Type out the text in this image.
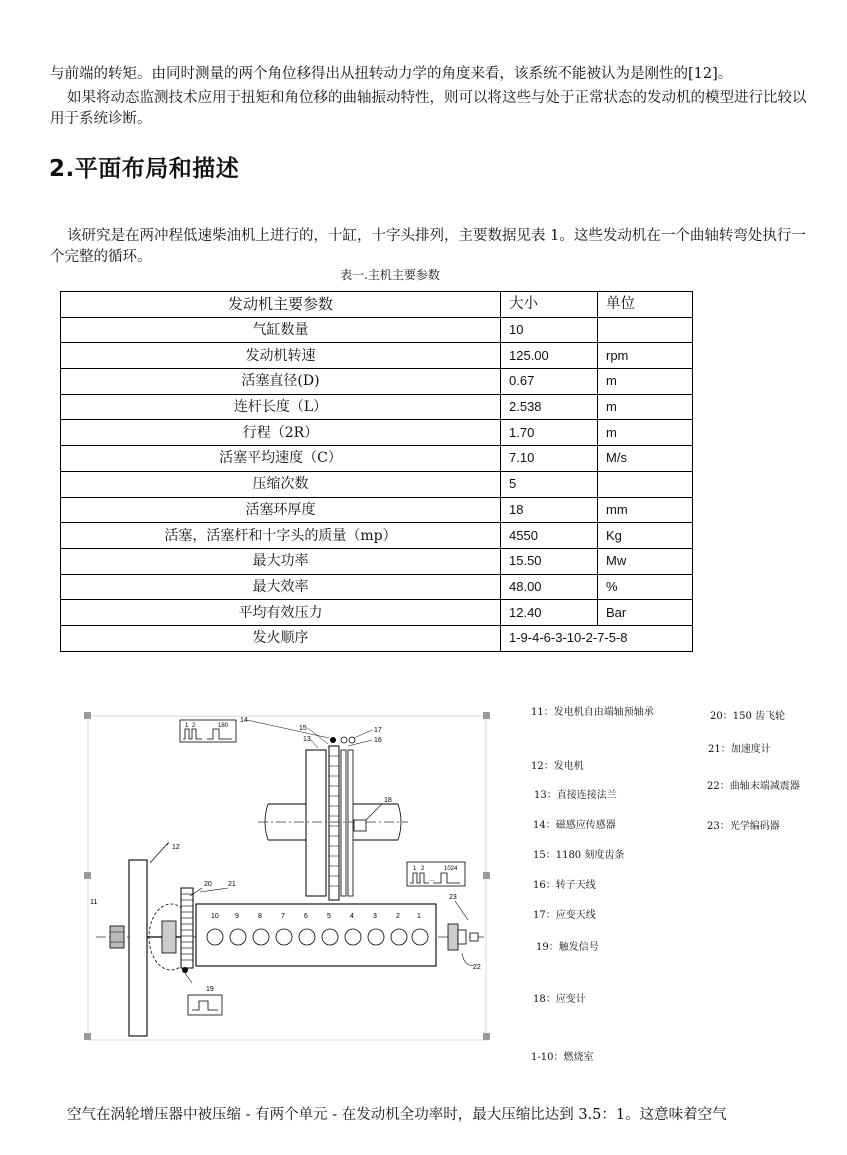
与前端的转矩。由同时测量的两个角位移得出从扭转动力学的角度来看，该系统不能被认为是刚性的[12]。

如果将动态监测技术应用于扭矩和角位移的曲轴振动特性，则可以将这些与处于正常状态的发动机的模型进行比较以用于系统诊断。

2.平面布局和描述

该研究是在两冲程低速柴油机上进行的，十缸，十字头排列，主要数据见表 1。这些发动机在一个曲轴转弯处执行一个完整的循环。

表一.主机主要参数
发动机主要参数	大小	单位
气缸数量	10	
发动机转速	125.00	rpm
活塞直径(D)	0.67	m
连杆长度（L）	2.538	m
行程（2R）	1.70	m
活塞平均速度（C）	7.10	M/s
压缩次数	5	
活塞环厚度	18	mm
活塞，活塞杆和十字头的质量（mp）	4550	Kg
最大功率	15.50	Mw
最大效率	48.00	%
平均有效压力	12.40	Bar
发火顺序	1-9-4-6-3-10-2-7-5-8	
11
12
20 21
19
10 9	8	7	6	5	4	3	2 1
22
23
1 2	1024
…
18
15
13
14
17
16
1 2	180
11：发电机自由端轴预轴承
12：发电机
13：直接连接法兰
14：磁感应传感器
15：1180 刻度齿条
16：转子天线
17：应变天线
19：触发信号
18：应变计
1-10：燃烧室
20：150 齿飞轮
21：加速度计
22：曲轴末端减震器
23：光学编码器

空气在涡轮增压器中被压缩 - 有两个单元 - 在发动机全功率时，最大压缩比达到 3.5：1。这意味着空气
